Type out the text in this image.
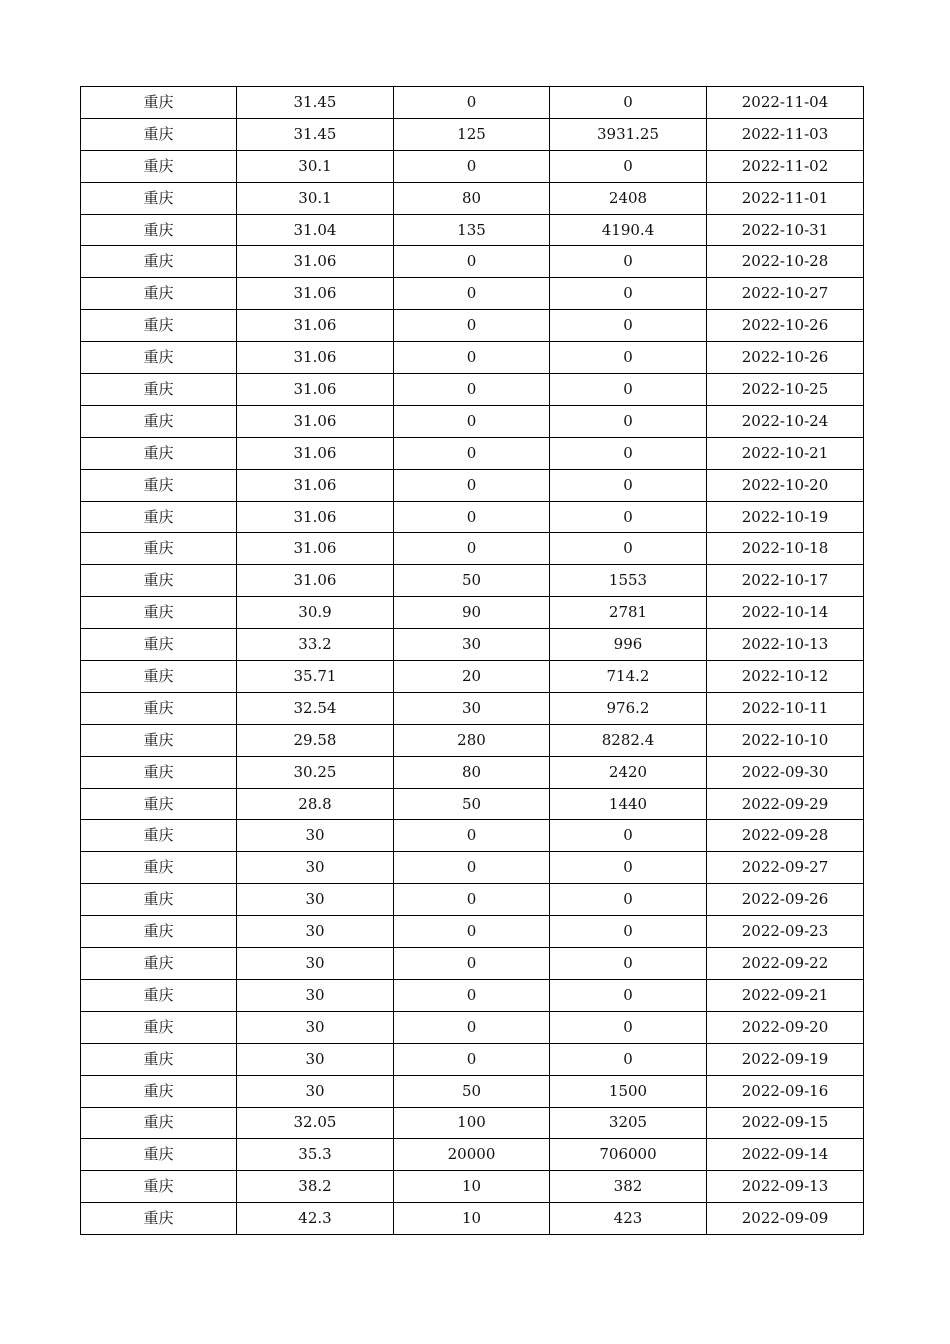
重庆	31.45	0	0	2022-11-04
重庆	31.45	125	3931.25	2022-11-03
重庆	30.1	0	0	2022-11-02
重庆	30.1	80	2408	2022-11-01
重庆	31.04	135	4190.4	2022-10-31
重庆	31.06	0	0	2022-10-28
重庆	31.06	0	0	2022-10-27
重庆	31.06	0	0	2022-10-26
重庆	31.06	0	0	2022-10-26
重庆	31.06	0	0	2022-10-25
重庆	31.06	0	0	2022-10-24
重庆	31.06	0	0	2022-10-21
重庆	31.06	0	0	2022-10-20
重庆	31.06	0	0	2022-10-19
重庆	31.06	0	0	2022-10-18
重庆	31.06	50	1553	2022-10-17
重庆	30.9	90	2781	2022-10-14
重庆	33.2	30	996	2022-10-13
重庆	35.71	20	714.2	2022-10-12
重庆	32.54	30	976.2	2022-10-11
重庆	29.58	280	8282.4	2022-10-10
重庆	30.25	80	2420	2022-09-30
重庆	28.8	50	1440	2022-09-29
重庆	30	0	0	2022-09-28
重庆	30	0	0	2022-09-27
重庆	30	0	0	2022-09-26
重庆	30	0	0	2022-09-23
重庆	30	0	0	2022-09-22
重庆	30	0	0	2022-09-21
重庆	30	0	0	2022-09-20
重庆	30	0	0	2022-09-19
重庆	30	50	1500	2022-09-16
重庆	32.05	100	3205	2022-09-15
重庆	35.3	20000	706000	2022-09-14
重庆	38.2	10	382	2022-09-13
重庆	42.3	10	423	2022-09-09
